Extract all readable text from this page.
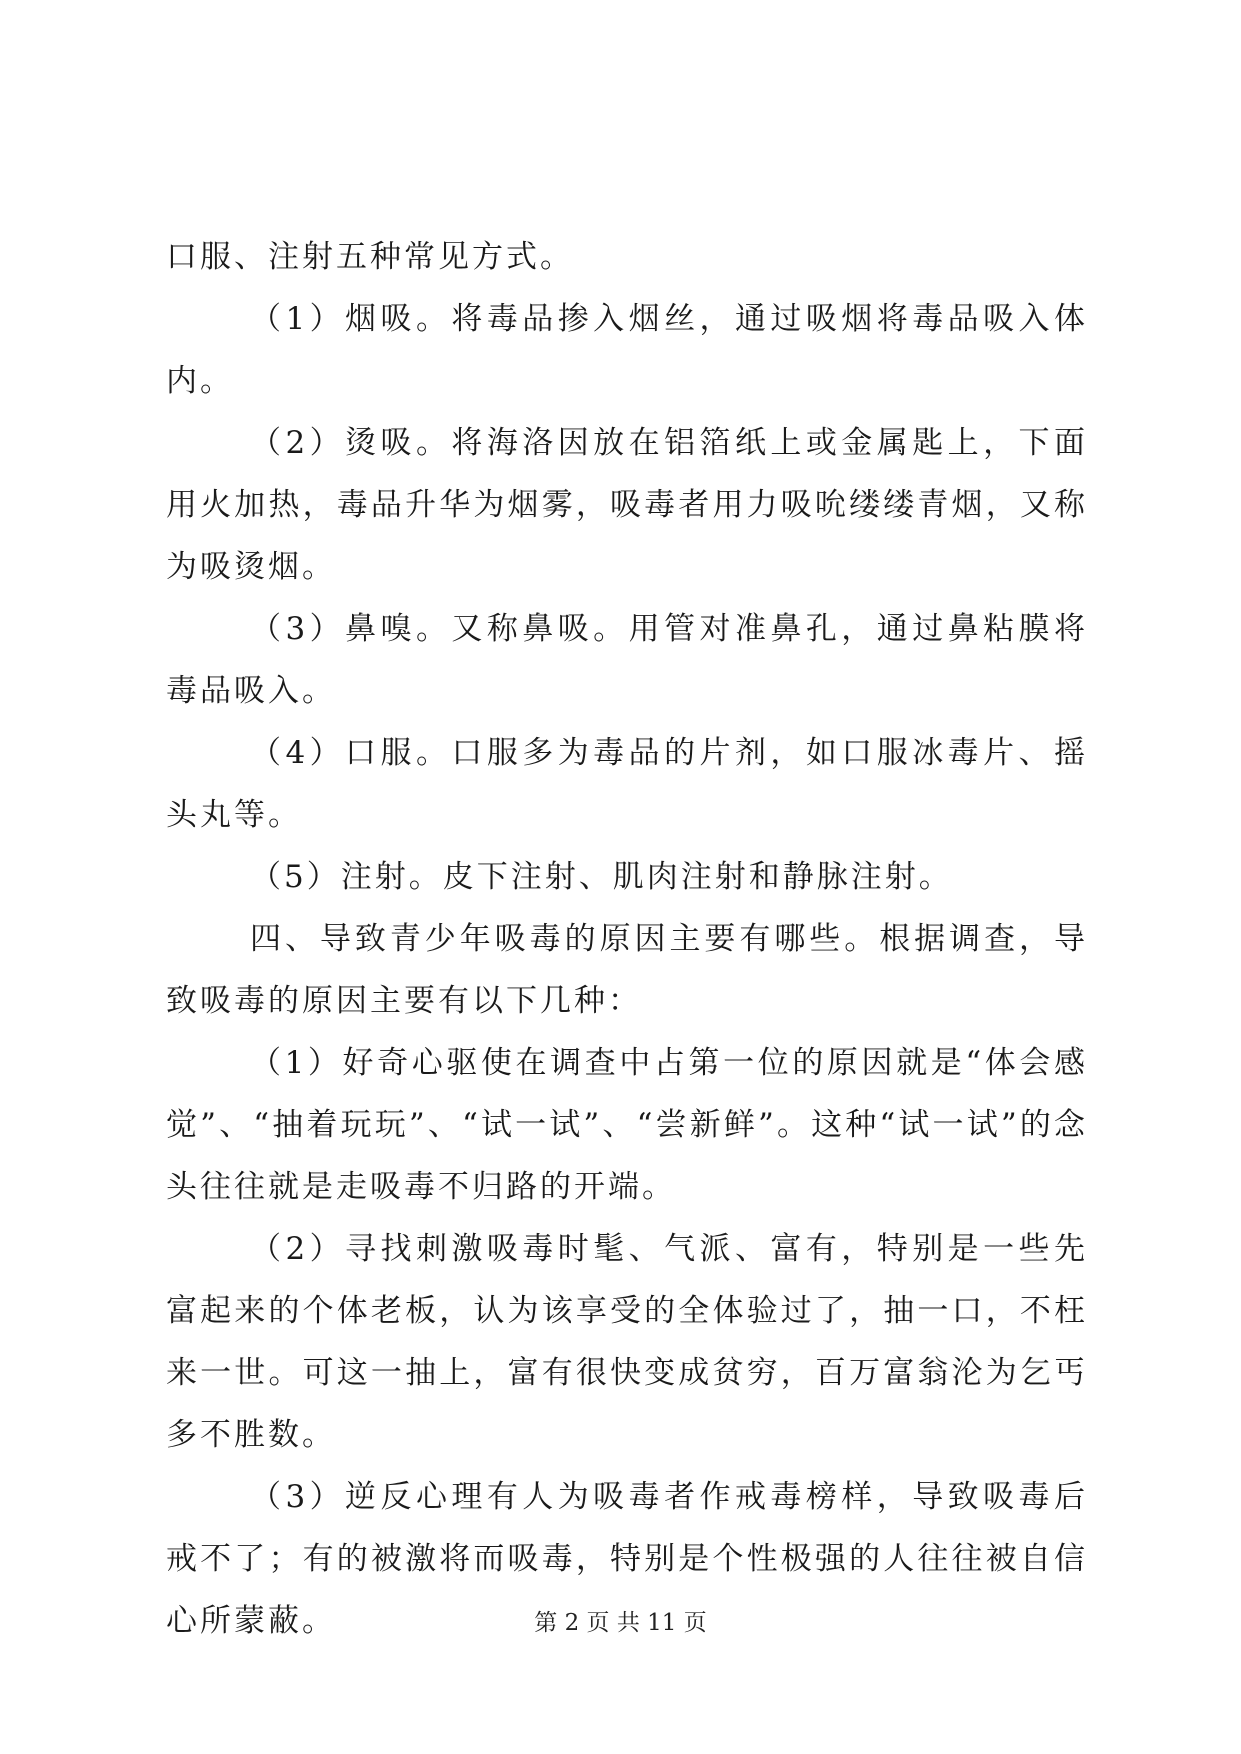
口服、注射五种常见方式。

（1）烟吸。将毒品掺入烟丝，通过吸烟将毒品吸入体内。

（2）烫吸。将海洛因放在铝箔纸上或金属匙上，下面用火加热，毒品升华为烟雾，吸毒者用力吸吮缕缕青烟，又称为吸烫烟。

（3）鼻嗅。又称鼻吸。用管对准鼻孔，通过鼻粘膜将毒品吸入。

（4）口服。口服多为毒品的片剂，如口服冰毒片、摇头丸等。

（5）注射。皮下注射、肌肉注射和静脉注射。

四、导致青少年吸毒的原因主要有哪些。根据调查，导致吸毒的原因主要有以下几种：

（1）好奇心驱使在调查中占第一位的原因就是“体会感觉”、“抽着玩玩”、“试一试”、“尝新鲜”。这种“试一试”的念头往往就是走吸毒不归路的开端。

（2）寻找刺激吸毒时髦、气派、富有，特别是一些先富起来的个体老板，认为该享受的全体验过了，抽一口，不枉来一世。可这一抽上，富有很快变成贫穷，百万富翁沦为乞丐多不胜数。

（3）逆反心理有人为吸毒者作戒毒榜样，导致吸毒后戒不了；有的被激将而吸毒，特别是个性极强的人往往被自信心所蒙蔽。	第 2 页 共 11 页
